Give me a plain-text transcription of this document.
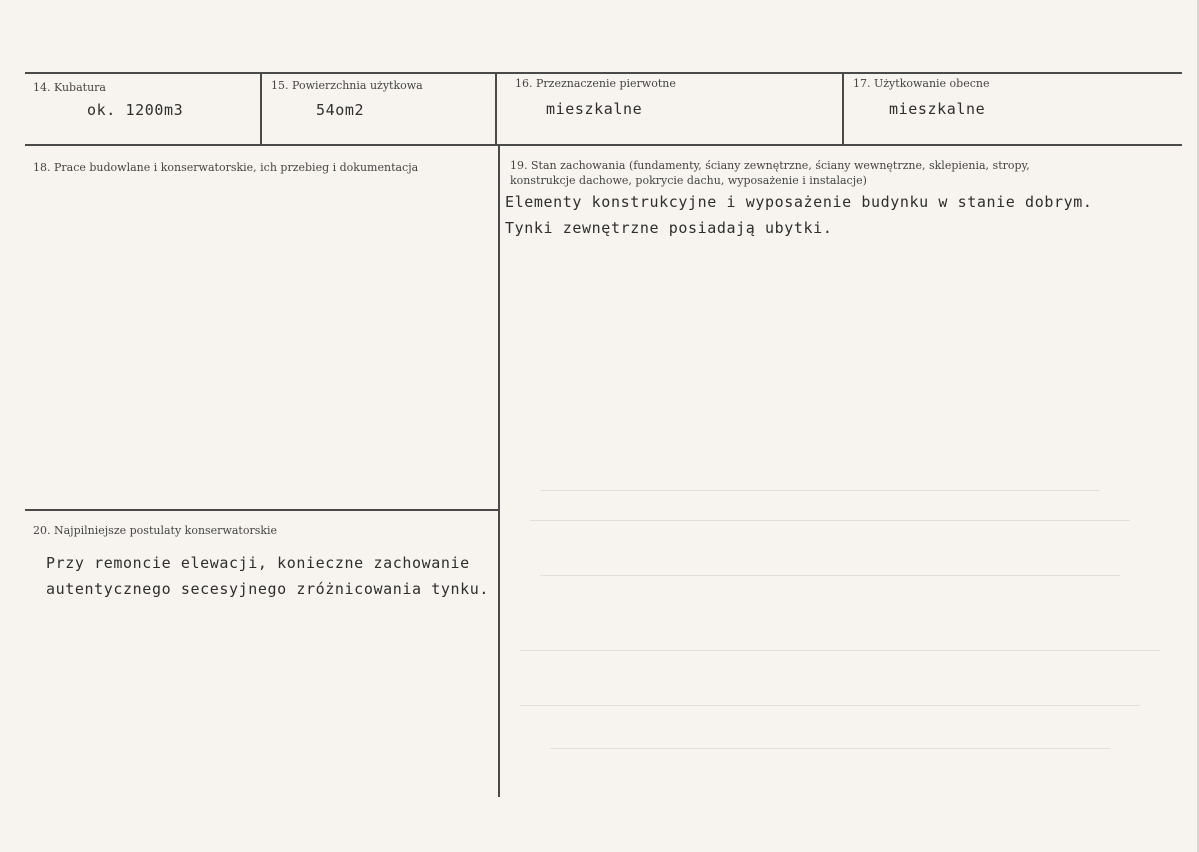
14. Kubatura
ok. 1200m3
15. Powierzchnia użytkowa
54om2
16. Przeznaczenie pierwotne
mieszkalne
17. Użytkowanie obecne
mieszkalne
18. Prace budowlane i konserwatorskie, ich przebieg i dokumentacja	19. Stan zachowania (fundamenty, ściany zewnętrzne, ściany wewnętrzne, sklepienia, stropy,
konstrukcje dachowe, pokrycie dachu, wyposażenie i instalacje)
Elementy konstrukcyjne i wyposażenie budynku w stanie dobrym.
Tynki zewnętrzne posiadają ubytki.
20. Najpilniejsze postulaty konserwatorskie
Przy remoncie elewacji, konieczne zachowanie
autentycznego secesyjnego zróżnicowania tynku.
